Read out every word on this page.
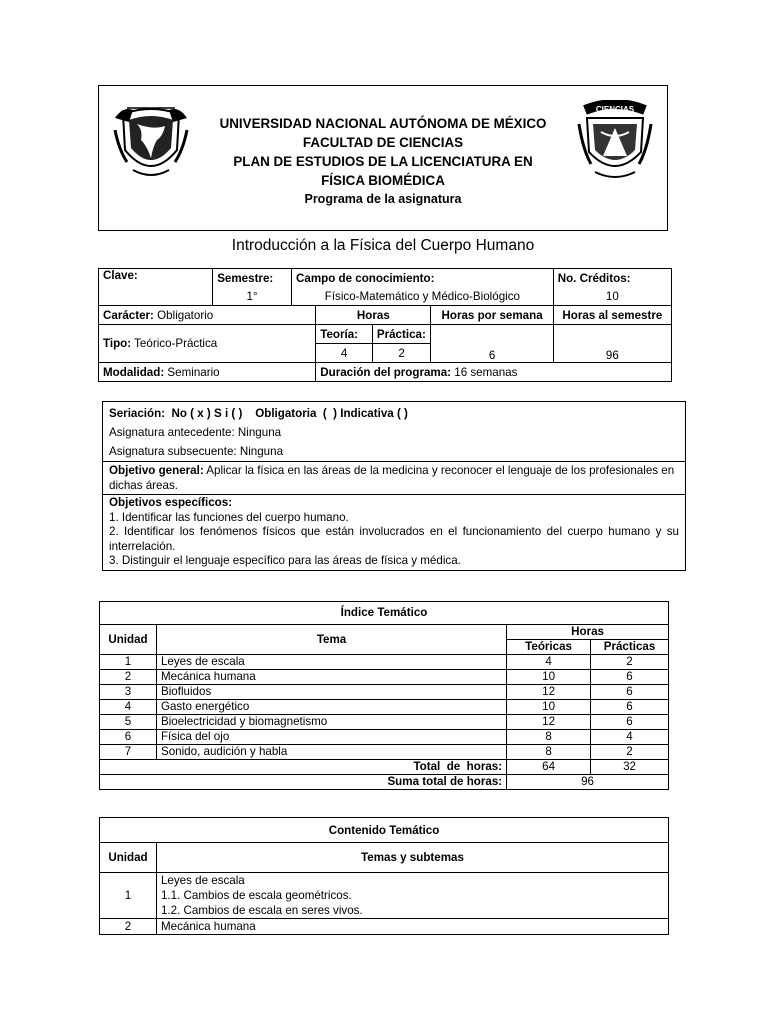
UNIVERSIDAD NACIONAL AUTÓNOMA DE MÉXICO
FACULTAD DE CIENCIAS
PLAN DE ESTUDIOS DE LA LICENCIATURA EN
FÍSICA BIOMÉDICA
Programa de la asignatura
CIENCIAS
Introducción a la Física del Cuerpo Humano
Clave:	Semestre:	Campo de conocimiento:				No. Créditos:
	1°	Físico-Matemático y Médico-Biológico				10
Carácter: Obligatorio			Horas		Horas por semana	Horas al semestre
Tipo: Teórico-Práctica			Teoría:	Práctica:	6	96
			4	2		
Modalidad: Seminario			Duración del programa: 16 semanas			
Seriación:  No ( x ) S i ( )    Obligatoria  (  ) Indicativa ( )
Asignatura antecedente: Ninguna
Asignatura subsecuente: Ninguna
Objetivo general: Aplicar la física en las áreas de la medicina y reconocer el lenguaje de los profesionales en dichas áreas.
Objetivos específicos:
1. Identificar las funciones del cuerpo humano.
2. Identificar los fenómenos físicos que están involucrados en el funcionamiento del cuerpo humano y su interrelación.
3. Distinguir el lenguaje específico para las áreas de física y médica.
Índice Temático			
Unidad	Tema	Horas	
		Teóricas	Prácticas
1	Leyes de escala	4	2
2	Mecánica humana	10	6
3	Biofluidos	12	6
4	Gasto energético	10	6
5	Bioelectricidad y biomagnetismo	12	6
6	Física del ojo	8	4
7	Sonido, audición y habla	8	2
Total  de  horas:		64	32
Suma total de horas:		96	
Contenido Temático	
Unidad	Temas y subtemas
1	Leyes de escala
1.1. Cambios de escala geométricos.
1.2. Cambios de escala en seres vivos.

2	Mecánica humana
